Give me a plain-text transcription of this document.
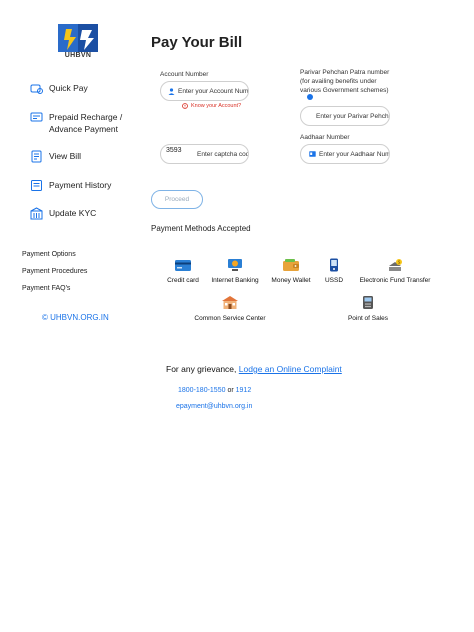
UHBVN
Pay Your Bill
Quick Pay
Prepaid Recharge / Advance Payment
View Bill
Payment History
Update KYC
Payment Options
Payment Procedures
Payment FAQ's
© UHBVN.ORG.IN
Account Number
Enter your Account Number
Know your Account?
Parivar Pehchan Patra number (for availing benefits under various Government schemes)
Enter your Parivar Pehchan Patra
Enter captcha code
3593
Aadhaar Number
Enter your Aadhaar Number
Proceed
Payment Methods Accepted
Credit card	Internet Banking	Money Wallet	USSD
$
Electronic Fund Transfer
Common Service Center	Point of Sales
For any grievance, Lodge an Online Complaint
1800-180-1550 or 1912
epayment@uhbvn.org.in
